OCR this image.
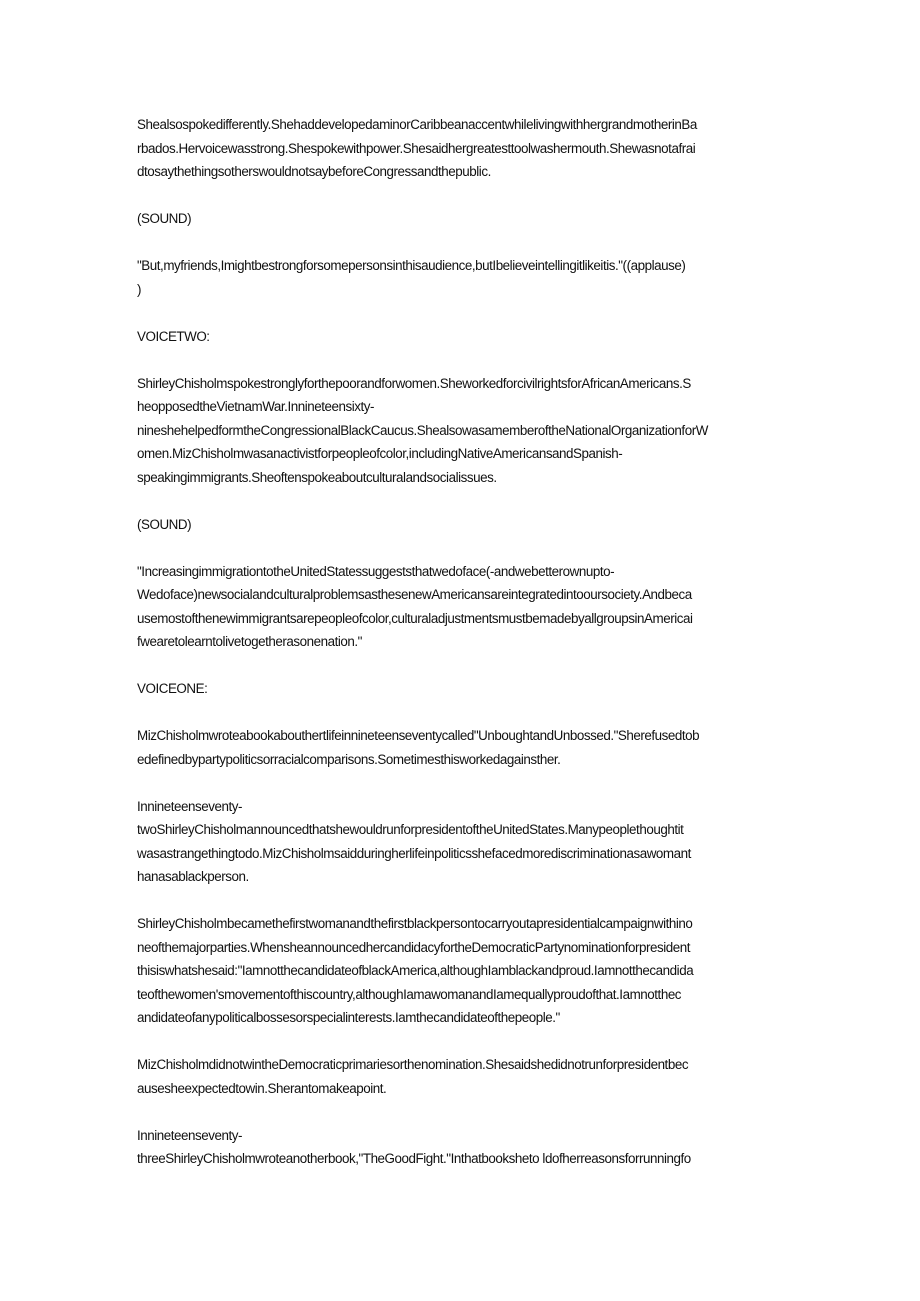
Shealsospokedifferently.ShehaddevelopedaminorCaribbeanaccentwhilelivingwithhergrandmotherinBa
rbados.Hervoicewasstrong.Shespokewithpower.Shesaidhergreatesttoolwashermouth.Shewasnotafrai
dtosaythethingsotherswouldnotsaybeforeCongressandthepublic.
(SOUND)
"But,myfriends,Imightbestrongforsomepersonsinthisaudience,butIbelieveintellingitlikeitis."((applause)
)
VOICETWO:
ShirleyChisholmspokestronglyforthepoorandforwomen.SheworkedforcivilrightsforAfricanAmericans.S
heopposedtheVietnamWar.Innineteensixty-
nineshehelpedformtheCongressionalBlackCaucus.ShealsowasamemberoftheNationalOrganizationforW
omen.MizChisholmwasanactivistforpeopleofcolor,includingNativeAmericansandSpanish-
speakingimmigrants.Sheoftenspokeaboutculturalandsocialissues.
(SOUND)
"IncreasingimmigrationtotheUnitedStatessuggeststhatwedoface(-andwebetterownupto-
Wedoface)newsocialandculturalproblemsasthesenewAmericansareintegratedintooursociety.Andbeca
usemostofthenewimmigrantsarepeopleofcolor,culturaladjustmentsmustbemadebyallgroupsinAmericai
fwearetolearntolivetogetherasonenation."
VOICEONE:
MizChisholmwroteabookabouthertlifeinnineteenseventycalled"UnboughtandUnbossed."Sherefusedtob
edefinedbypartypoliticsorracialcomparisons.Sometimesthisworkedagainsther.
Innineteenseventy-
twoShirleyChisholmannouncedthatshewouldrunforpresidentoftheUnitedStates.Manypeoplethoughtit
wasastrangethingtodo.MizChisholmsaidduringherlifeinpoliticsshefacedmorediscriminationasawomant
hanasablackperson.
ShirleyChisholmbecamethefirstwomanandthefirstblackpersontocarryoutapresidentialcampaignwithino
neofthemajorparties.WhensheannouncedhercandidacyfortheDemocraticPartynominationforpresident
thisiswhatshesaid:"IamnotthecandidateofblackAmerica,althoughIamblackandproud.Iamnotthecandida
teofthewomen'smovementofthiscountry,althoughIamawomanandIamequallyproudofthat.Iamnotthec
andidateofanypoliticalbossesorspecialinterests.Iamthecandidateofthepeople."
MizChisholmdidnotwintheDemocraticprimariesorthenomination.Shesaidshedidnotrunforpresidentbec
ausesheexpectedtowin.Sherantomakeapoint.
Innineteenseventy-
threeShirleyChisholmwroteanotherbook,"TheGoodFight."Inthatbooksheto ldofherreasonsforrunningfo
